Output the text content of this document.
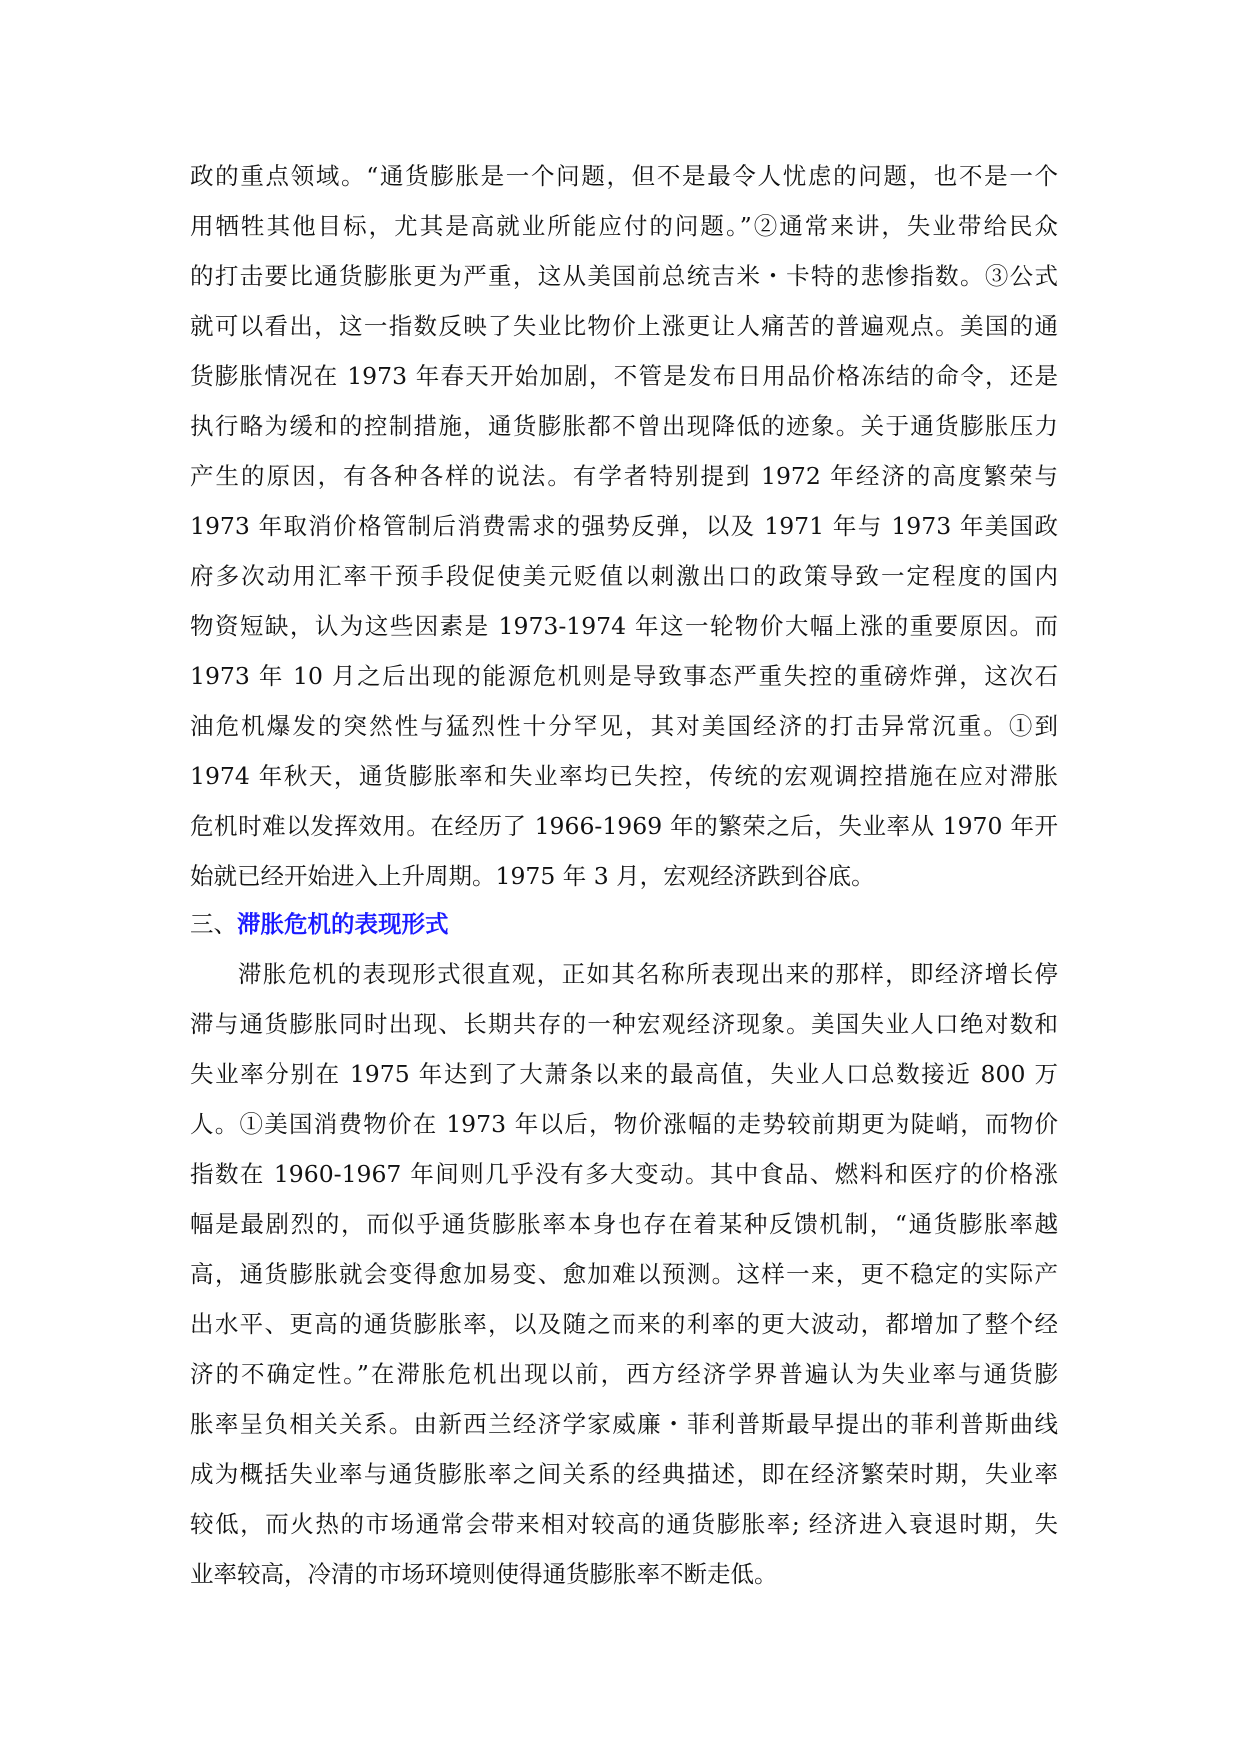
政的重点领域。“通货膨胀是一个问题，但不是最令人忧虑的问题，也不是一个
用牺牲其他目标，尤其是高就业所能应付的问题。”②通常来讲，失业带给民众
的打击要比通货膨胀更为严重，这从美国前总统吉米・卡特的悲惨指数。③公式
就可以看出，这一指数反映了失业比物价上涨更让人痛苦的普遍观点。美国的通
货膨胀情况在 1973 年春天开始加剧，不管是发布日用品价格冻结的命令，还是
执行略为缓和的控制措施，通货膨胀都不曾出现降低的迹象。关于通货膨胀压力
产生的原因，有各种各样的说法。有学者特别提到 1972 年经济的高度繁荣与
1973 年取消价格管制后消费需求的强势反弹，以及 1971 年与 1973 年美国政
府多次动用汇率干预手段促使美元贬值以刺激出口的政策导致一定程度的国内
物资短缺，认为这些因素是 1973-1974 年这一轮物价大幅上涨的重要原因。而
1973 年 10 月之后出现的能源危机则是导致事态严重失控的重磅炸弹，这次石
油危机爆发的突然性与猛烈性十分罕见，其对美国经济的打击异常沉重。①到
1974 年秋天，通货膨胀率和失业率均已失控，传统的宏观调控措施在应对滞胀
危机时难以发挥效用。在经历了 1966-1969 年的繁荣之后，失业率从 1970 年开
始就已经开始进入上升周期。1975 年 3 月，宏观经济跌到谷底。
三、滞胀危机的表现形式
滞胀危机的表现形式很直观，正如其名称所表现出来的那样，即经济增长停
滞与通货膨胀同时出现、长期共存的一种宏观经济现象。美国失业人口绝对数和
失业率分别在 1975 年达到了大萧条以来的最高值，失业人口总数接近 800 万
人。①美国消费物价在 1973 年以后，物价涨幅的走势较前期更为陡峭，而物价
指数在 1960-1967 年间则几乎没有多大变动。其中食品、燃料和医疗的价格涨
幅是最剧烈的，而似乎通货膨胀率本身也存在着某种反馈机制，“通货膨胀率越
高，通货膨胀就会变得愈加易变、愈加难以预测。这样一来，更不稳定的实际产
出水平、更高的通货膨胀率，以及随之而来的利率的更大波动，都增加了整个经
济的不确定性。”在滞胀危机出现以前，西方经济学界普遍认为失业率与通货膨
胀率呈负相关关系。由新西兰经济学家威廉・菲利普斯最早提出的菲利普斯曲线
成为概括失业率与通货膨胀率之间关系的经典描述，即在经济繁荣时期，失业率
较低，而火热的市场通常会带来相对较高的通货膨胀率; 经济进入衰退时期，失
业率较高，冷清的市场环境则使得通货膨胀率不断走低。
